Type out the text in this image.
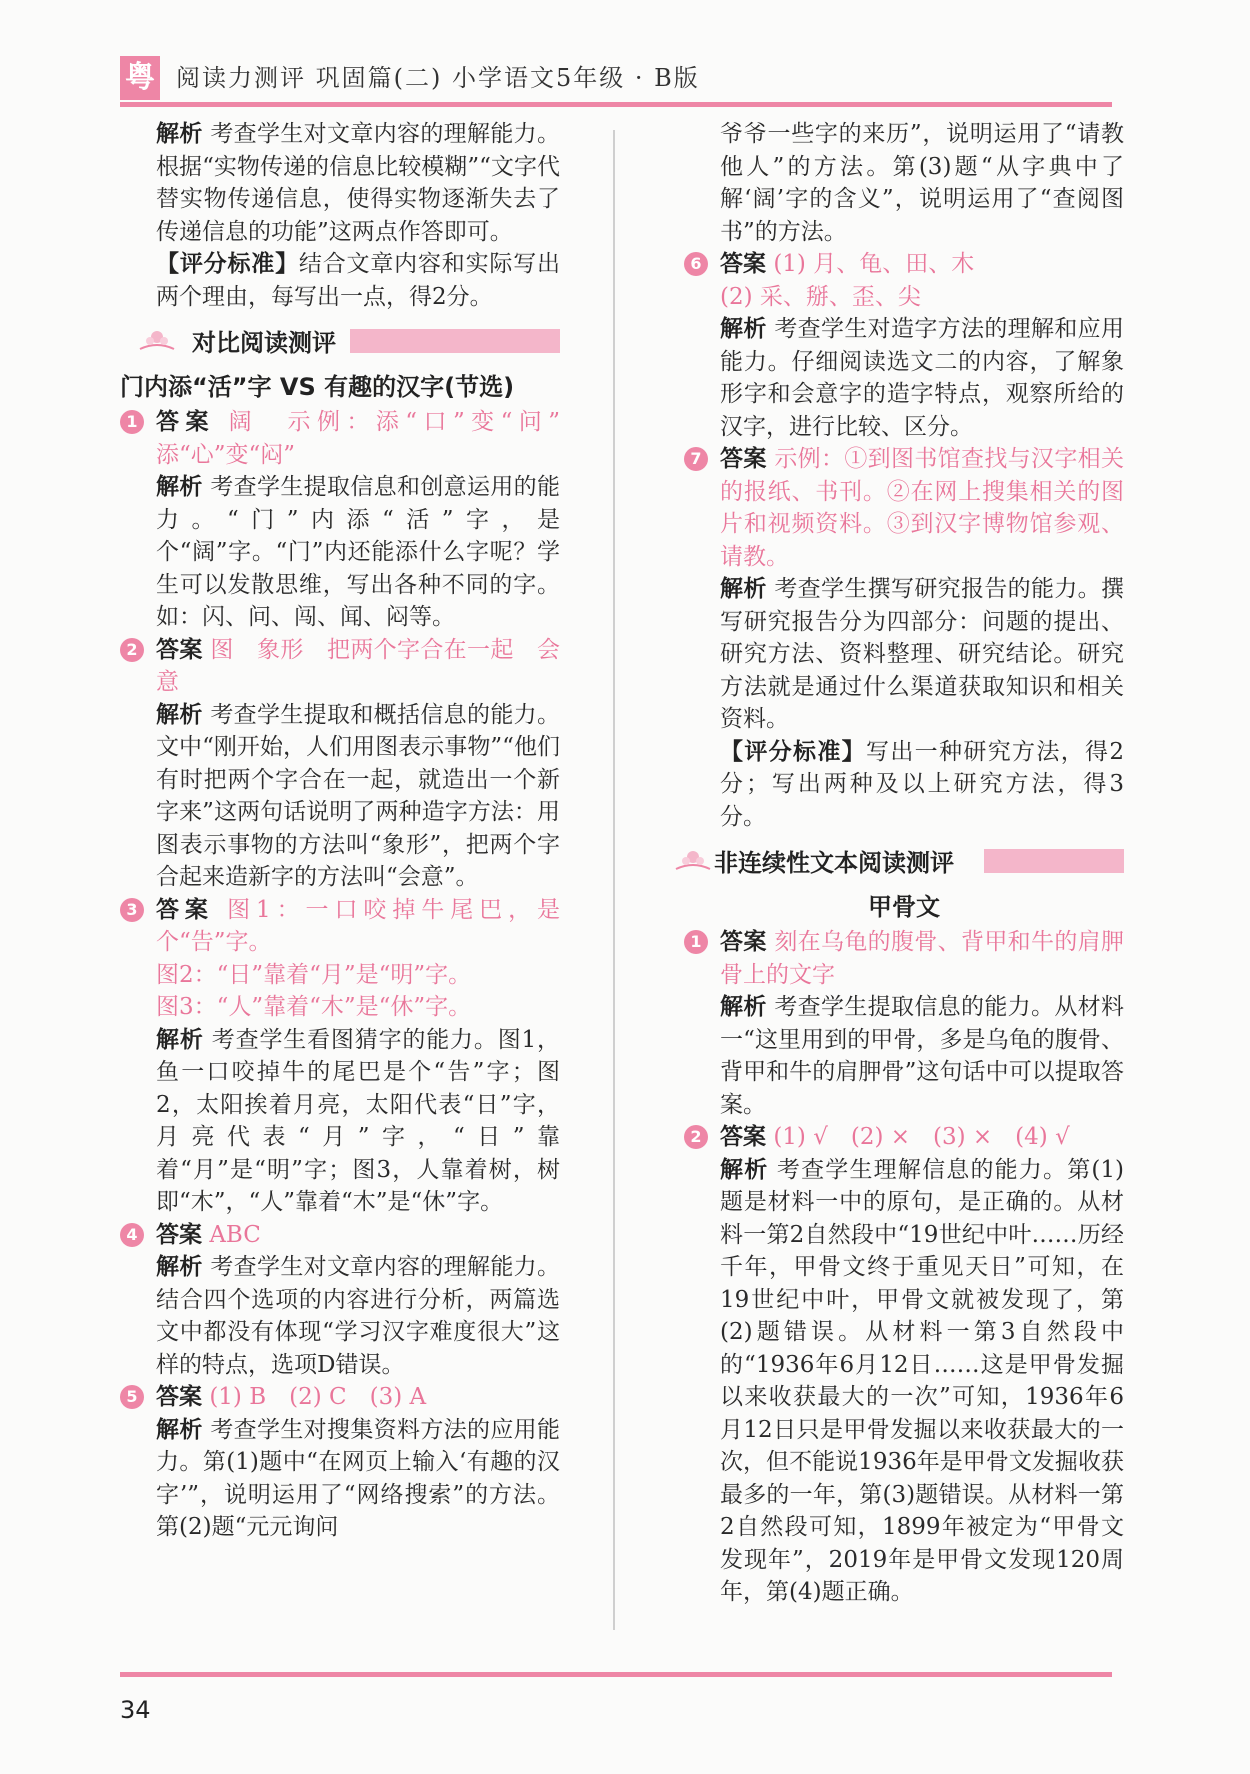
粤 阅读力测评 巩固篇(二) 小学语文5年级 · B版

解析 考查学生对文章内容的理解能力。根据“实物传递的信息比较模糊”“文字代替实物传递信息，使得实物逐渐失去了传递信息的功能”这两点作答即可。

【评分标准】结合文章内容和实际写出两个理由，每写出一点，得2分。

对比阅读测评
门内添“活”字 VS 有趣的汉字(节选)
1 答案 阔　示例：添“口”变“问”　添“心”变“闷”

解析 考查学生提取信息和创意运用的能力。“门”内添“活”字，是个“阔”字。“门”内还能添什么字呢？学生可以发散思维，写出各种不同的字。如：闪、问、闯、闻、闷等。

2 答案 图　象形　把两个字合在一起　会意

解析 考查学生提取和概括信息的能力。文中“刚开始，人们用图表示事物”“他们有时把两个字合在一起，就造出一个新字来”这两句话说明了两种造字方法：用图表示事物的方法叫“象形”，把两个字合起来造新字的方法叫“会意”。

3 答案 图1：一口咬掉牛尾巴，是个“告”字。

图2：“日”靠着“月”是“明”字。

图3：“人”靠着“木”是“休”字。

解析 考查学生看图猜字的能力。图1，鱼一口咬掉牛的尾巴是个“告”字；图2，太阳挨着月亮，太阳代表“日”字，月亮代表“月”字，“日”靠着“月”是“明”字；图3，人靠着树，树即“木”，“人”靠着“木”是“休”字。

4 答案 ABC

解析 考查学生对文章内容的理解能力。结合四个选项的内容进行分析，两篇选文中都没有体现“学习汉字难度很大”这样的特点，选项D错误。

5 答案 (1) B　(2) C　(3) A

解析 考查学生对搜集资料方法的应用能力。第(1)题中“在网页上输入‘有趣的汉字’”，说明运用了“网络搜索”的方法。第(2)题“元元询问

爷爷一些字的来历”，说明运用了“请教他人”的方法。第(3)题“从字典中了解‘阔’字的含义”，说明运用了“查阅图书”的方法。

6 答案 (1) 月、龟、田、木

(2) 采、掰、歪、尖

解析 考查学生对造字方法的理解和应用能力。仔细阅读选文二的内容，了解象形字和会意字的造字特点，观察所给的汉字，进行比较、区分。

7 答案 示例：①到图书馆查找与汉字相关的报纸、书刊。②在网上搜集相关的图片和视频资料。③到汉字博物馆参观、请教。

解析 考查学生撰写研究报告的能力。撰写研究报告分为四部分：问题的提出、研究方法、资料整理、研究结论。研究方法就是通过什么渠道获取知识和相关资料。

【评分标准】写出一种研究方法，得2分；写出两种及以上研究方法，得3分。

非连续性文本阅读测评
甲骨文
1 答案 刻在乌龟的腹骨、背甲和牛的肩胛骨上的文字

解析 考查学生提取信息的能力。从材料一“这里用到的甲骨，多是乌龟的腹骨、背甲和牛的肩胛骨”这句话中可以提取答案。

2 答案 (1) √　(2) ×　(3) ×　(4) √

解析 考查学生理解信息的能力。第(1)题是材料一中的原句，是正确的。从材料一第2自然段中“19世纪中叶……历经千年，甲骨文终于重见天日”可知，在19世纪中叶，甲骨文就被发现了，第(2)题错误。从材料一第3自然段中的“1936年6月12日……这是甲骨发掘以来收获最大的一次”可知，1936年6月12日只是甲骨发掘以来收获最大的一次，但不能说1936年是甲骨文发掘收获最多的一年，第(3)题错误。从材料一第2自然段可知，1899年被定为“甲骨文发现年”，2019年是甲骨文发现120周年，第(4)题正确。

34
